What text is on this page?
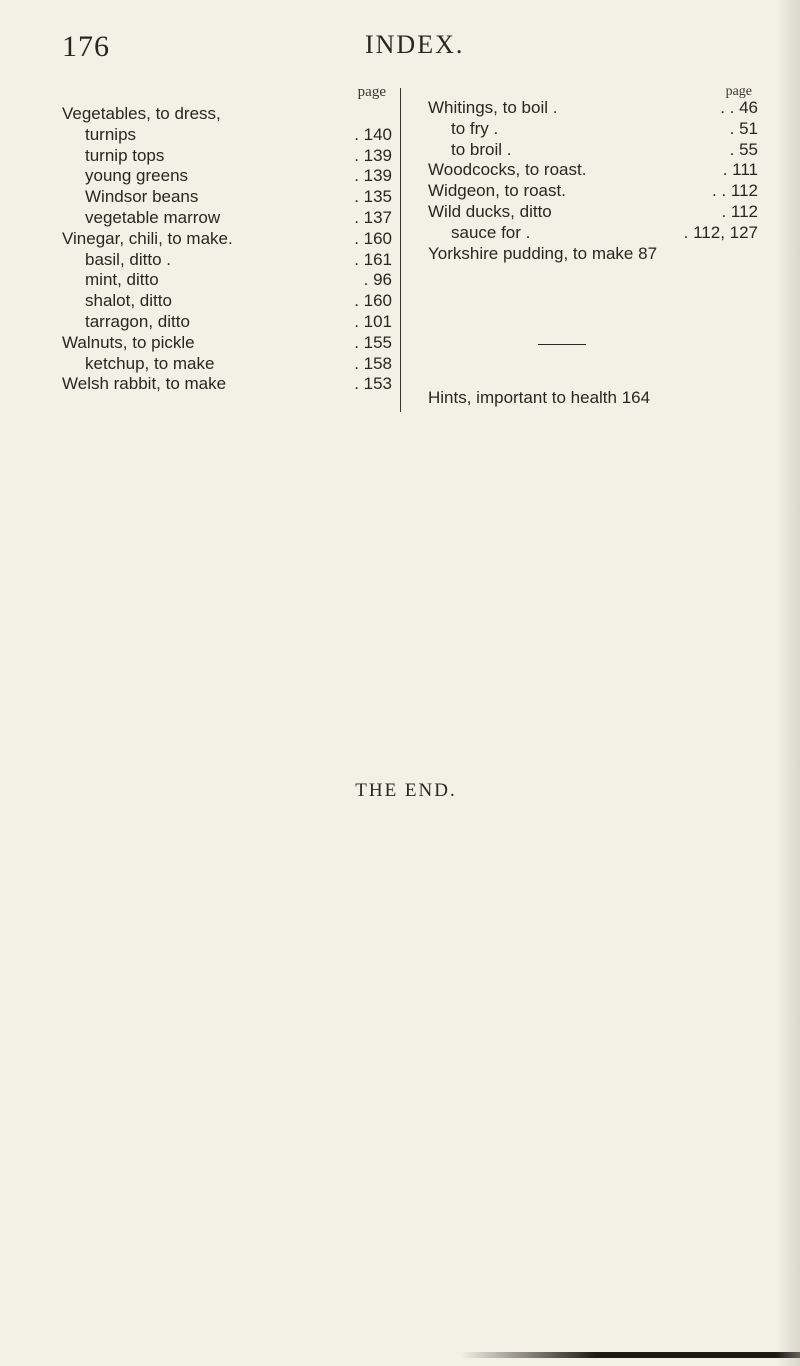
176	INDEX.
page
Vegetables, to dress,
turnips	. 140
turnip tops	. 139
young greens	. 139
Windsor beans	. 135
vegetable marrow	. 137
Vinegar, chili, to make.	. 160
basil, ditto .	. 161
mint, ditto	. 96
shalot, ditto	. 160
tarragon, ditto	. 101
Walnuts, to pickle	. 155
ketchup, to make	. 158
Welsh rabbit, to make	. 153
page
Whitings, to boil .	. . 46
to fry .	. 51
to broil .	. 55
Woodcocks, to roast.	. 111
Widgeon, to roast.	. . 112
Wild ducks, ditto	. 112
sauce for .	. 112, 127
Yorkshire pudding, to make 87
Hints, important to health 164
THE END.
